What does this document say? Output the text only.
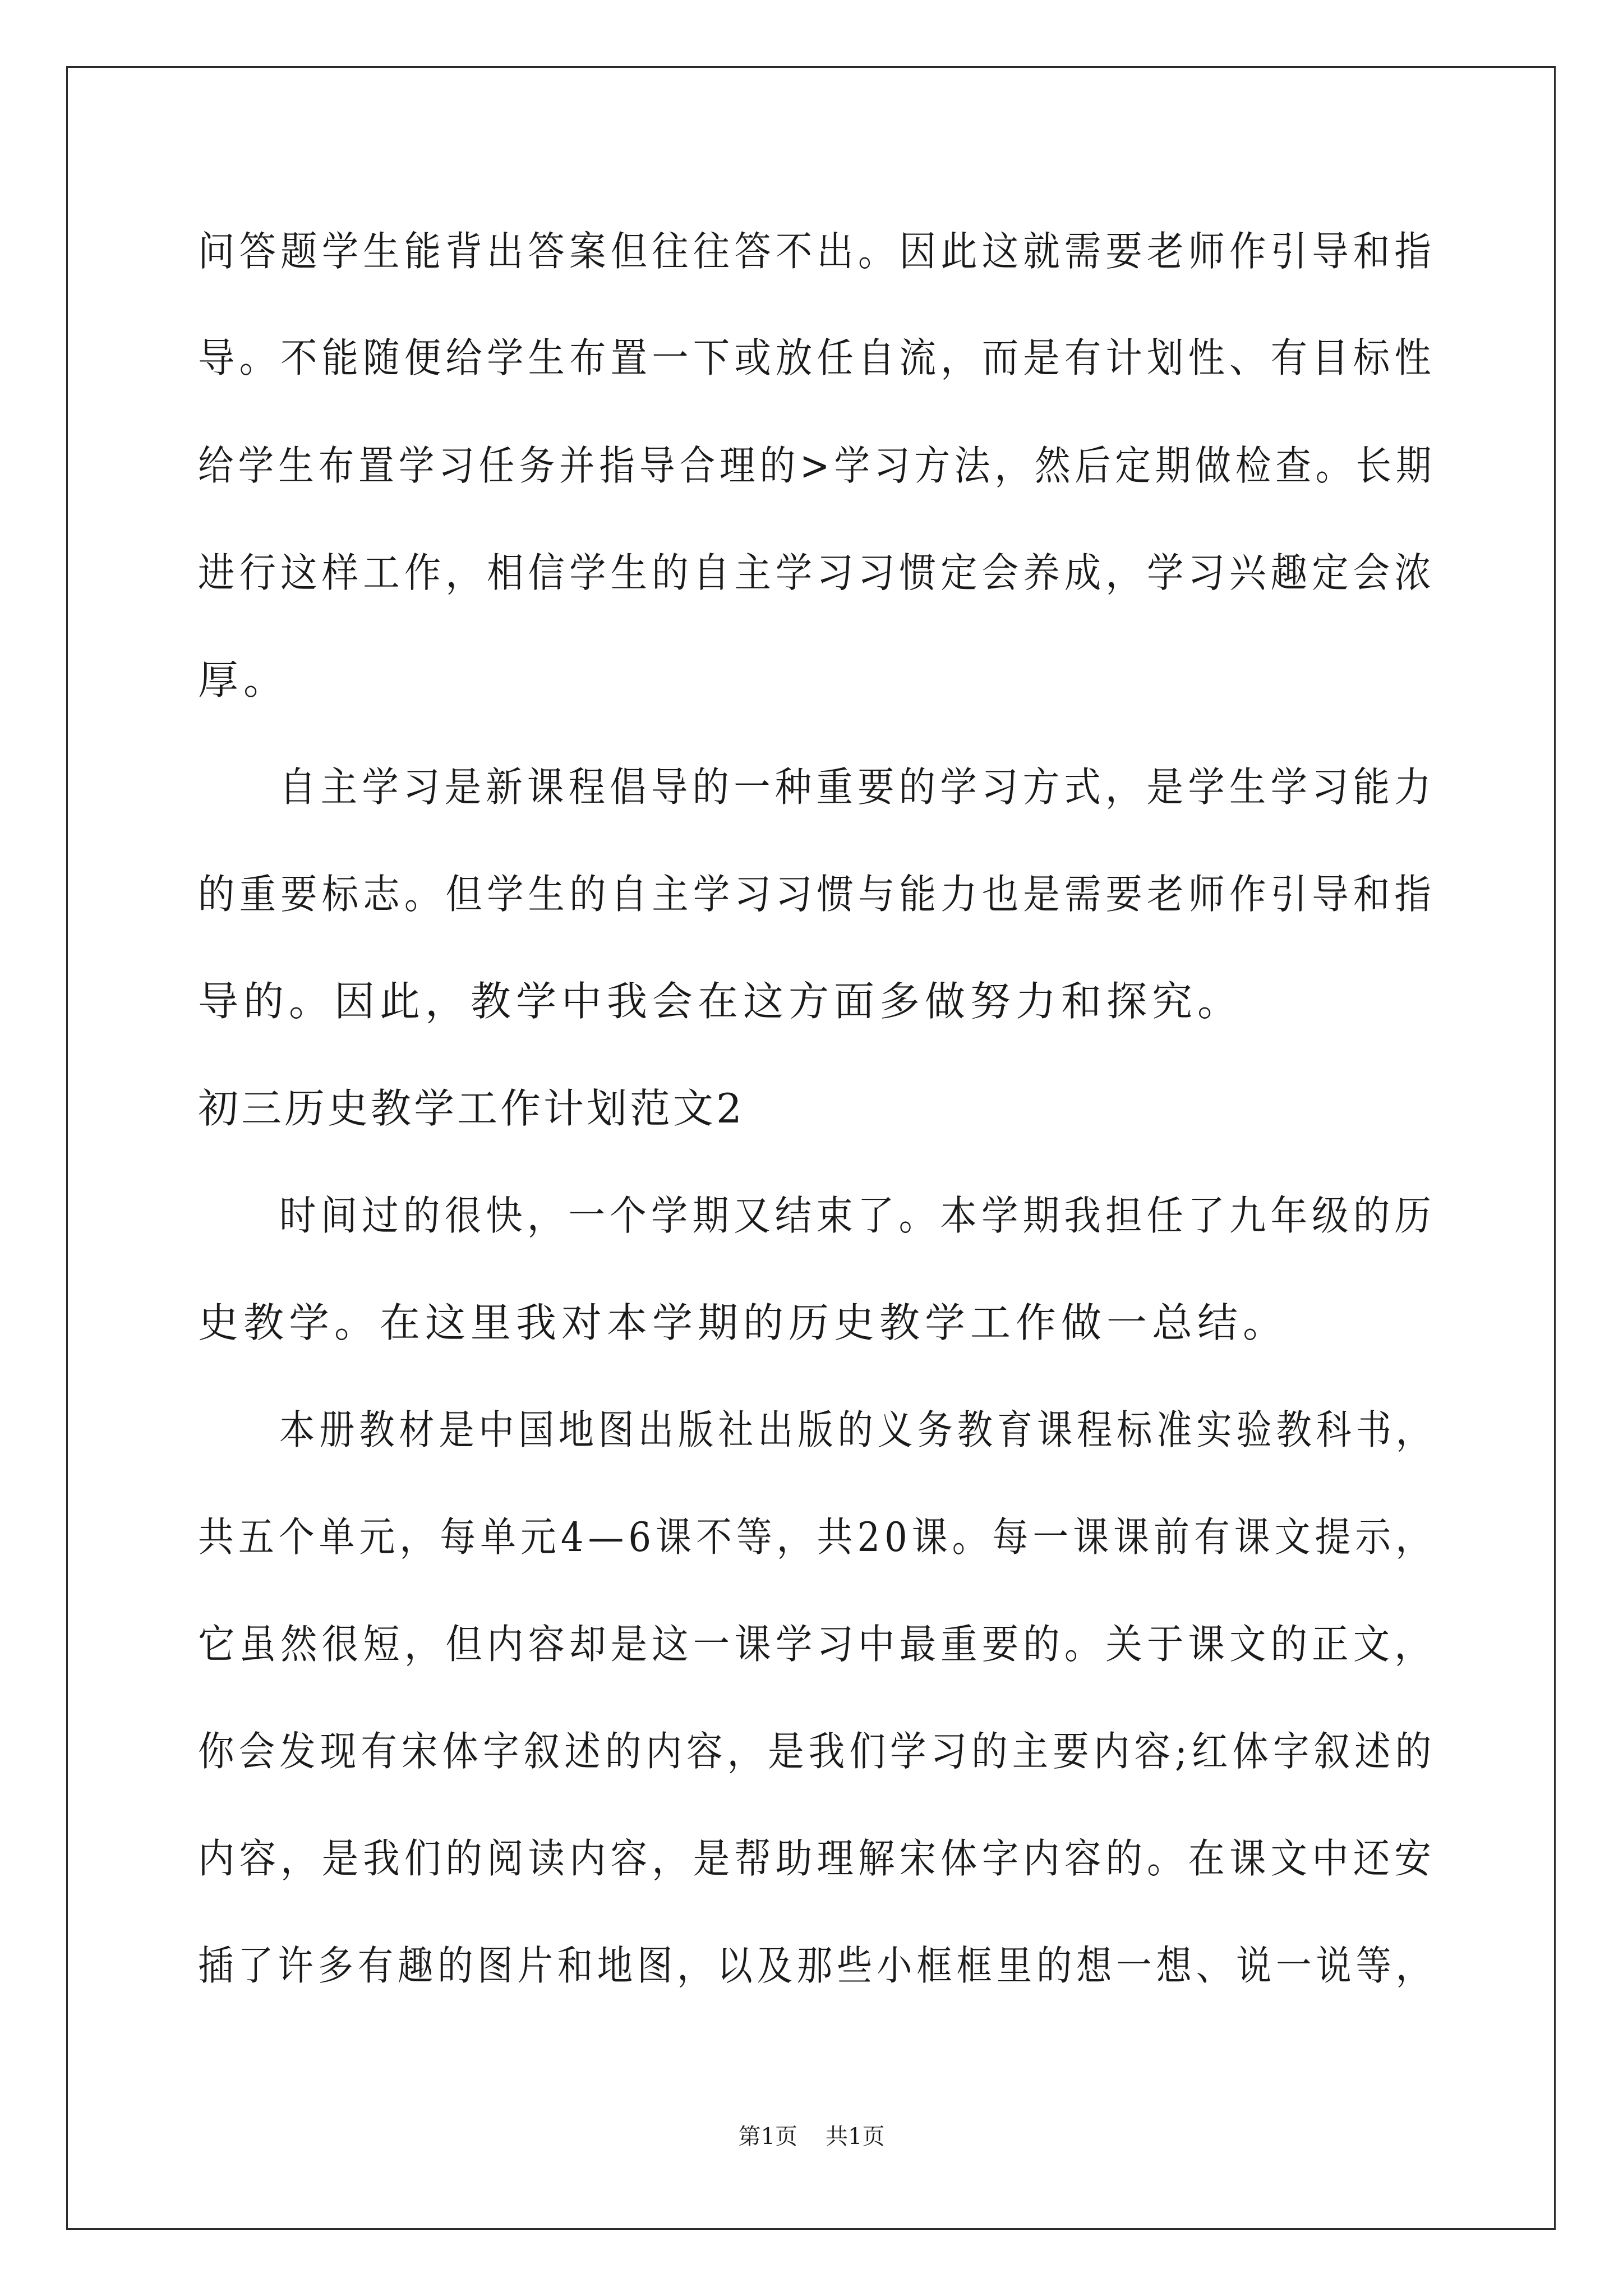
问答题学生能背出答案但往往答不出。因此这就需要老师作引导和指

导。不能随便给学生布置一下或放任自流，而是有计划性、有目标性

给学生布置学习任务并指导合理的>学习方法，然后定期做检查。长期

进行这样工作，相信学生的自主学习习惯定会养成，学习兴趣定会浓

厚。

自主学习是新课程倡导的一种重要的学习方式，是学生学习能力

的重要标志。但学生的自主学习习惯与能力也是需要老师作引导和指

导的。因此，教学中我会在这方面多做努力和探究。

初三历史教学工作计划范文2

时间过的很快，一个学期又结束了。本学期我担任了九年级的历

史教学。在这里我对本学期的历史教学工作做一总结。

本册教材是中国地图出版社出版的义务教育课程标准实验教科书，

共五个单元，每单元4—6课不等，共20课。每一课课前有课文提示，

它虽然很短，但内容却是这一课学习中最重要的。关于课文的正文，

你会发现有宋体字叙述的内容，是我们学习的主要内容;红体字叙述的

内容，是我们的阅读内容，是帮助理解宋体字内容的。在课文中还安

插了许多有趣的图片和地图，以及那些小框框里的想一想、说一说等，

第1页 共1页
